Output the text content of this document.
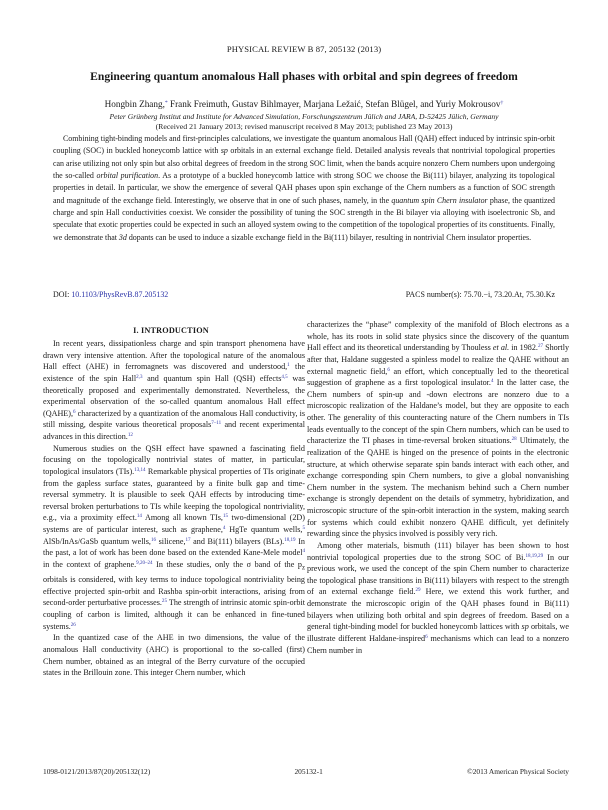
PHYSICAL REVIEW B 87, 205132 (2013)
Engineering quantum anomalous Hall phases with orbital and spin degrees of freedom
Hongbin Zhang,* Frank Freimuth, Gustav Bihlmayer, Marjana Ležaić, Stefan Blügel, and Yuriy Mokrousov†
Peter Grünberg Institut and Institute for Advanced Simulation, Forschungszentrum Jülich and JARA, D-52425 Jülich, Germany
(Received 21 January 2013; revised manuscript received 8 May 2013; published 23 May 2013)
Combining tight-binding models and first-principles calculations, we investigate the quantum anomalous Hall (QAH) effect induced by intrinsic spin-orbit coupling (SOC) in buckled honeycomb lattice with sp orbitals in an external exchange field. Detailed analysis reveals that nontrivial topological properties can arise utilizing not only spin but also orbital degrees of freedom in the strong SOC limit, when the bands acquire nonzero Chern numbers upon undergoing the so-called orbital purification. As a prototype of a buckled honeycomb lattice with strong SOC we choose the Bi(111) bilayer, analyzing its topological properties in detail. In particular, we show the emergence of several QAH phases upon spin exchange of the Chern numbers as a function of SOC strength and magnitude of the exchange field. Interestingly, we observe that in one of such phases, namely, in the quantum spin Chern insulator phase, the quantized charge and spin Hall conductivities coexist. We consider the possibility of tuning the SOC strength in the Bi bilayer via alloying with isoelectronic Sb, and speculate that exotic properties could be expected in such an alloyed system owing to the competition of the topological properties of its constituents. Finally, we demonstrate that 3d dopants can be used to induce a sizable exchange field in the Bi(111) bilayer, resulting in nontrivial Chern insulator properties.
DOI: 10.1103/PhysRevB.87.205132	PACS number(s): 75.70.−i, 73.20.At, 75.30.Kz
I. INTRODUCTION

In recent years, dissipationless charge and spin transport phenomena have drawn very intensive attention. After the topological nature of the anomalous Hall effect (AHE) in ferromagnets was discovered and understood,$^1$ the existence of the spin Hall$^{2,3}$ and quantum spin Hall (QSH) effects$^{4,5}$ was theoretically proposed and experimentally demonstrated. Nevertheless, the experimental observation of the so-called quantum anomalous Hall effect (QAHE),$^6$ characterized by a quantization of the anomalous Hall conductivity, is still missing, despite various theoretical proposals$^{7-11}$ and recent experimental advances in this direction.$^{12}$

Numerous studies on the QSH effect have spawned a fascinating field focusing on the topologically nontrivial states of matter, in particular, topological insulators (TIs).$^{13,14}$ Remarkable physical properties of TIs originate from the gapless surface states, guaranteed by a finite bulk gap and time-reversal symmetry. It is plausible to seek QAH effects by introducing time-reversal broken perturbations to TIs while keeping the topological nontriviality, e.g., via a proximity effect.$^{14}$ Among all known TIs,$^{15}$ two-dimensional (2D) systems are of particular interest, such as graphene,$^4$ HgTe quantum wells,$^5$ AlSb/InAs/GaSb quantum wells,$^{16}$ silicene,$^{17}$ and Bi(111) bilayers (BLs).$^{18,19}$ In the past, a lot of work has been done based on the extended Kane-Mele model$^4$ in the context of graphene.$^{9,20-24}$ In these studies, only the σ band of the $p_z$ orbitals is considered, with key terms to induce topological nontriviality being effective projected spin-orbit and Rashba spin-orbit interactions, arising from second-order perturbative processes.$^{25}$ The strength of intrinsic atomic spin-orbit coupling of carbon is limited, although it can be enhanced in fine-tuned systems.$^{26}$

In the quantized case of the AHE in two dimensions, the value of the anomalous Hall conductivity (AHC) is proportional to the so-called (first) Chern number, obtained as an integral of the Berry curvature of the occupied states in the Brillouin zone. This integer Chern number, which

characterizes the “phase” complexity of the manifold of Bloch electrons as a whole, has its roots in solid state physics since the discovery of the quantum Hall effect and its theoretical understanding by Thouless et al. in 1982.27 Shortly after that, Haldane suggested a spinless model to realize the QAHE without an external magnetic field,$^6$ an effort, which conceptually led to the theoretical suggestion of graphene as a first topological insulator.$^4$ In the latter case, the Chern numbers of spin-up and -down electrons are nonzero due to a microscopic realization of the Haldane’s model, but they are opposite to each other. The generality of this counteracting nature of the Chern numbers in TIs leads eventually to the concept of the spin Chern numbers, which can be used to characterize the TI phases in time-reversal broken situations.$^{28}$ Ultimately, the realization of the QAHE is hinged on the presence of points in the electronic structure, at which otherwise separate spin bands interact with each other, and exchange corresponding spin Chern numbers, to give a global nonvanishing Chern number in the system. The mechanism behind such a Chern number exchange is strongly dependent on the details of symmetry, hybridization, and microscopic structure of the spin-orbit interaction in the system, making search for systems which could exhibit nonzero QAHE difficult, yet definitely rewarding since the physics involved is possibly very rich.

Among other materials, bismuth (111) bilayer has been shown to host nontrivial topological properties due to the strong SOC of Bi.$^{18,19,29}$ In our previous work, we used the concept of the spin Chern number to characterize the topological phase transitions in Bi(111) bilayers with respect to the strength of an external exchange field.$^{29}$ Here, we extend this work further, and demonstrate the microscopic origin of the QAH phases found in Bi(111) bilayers when utilizing both orbital and spin degrees of freedom. Based on a general tight-binding model for buckled honeycomb lattices with sp orbitals, we illustrate different Haldane-inspired$^6$ mechanisms which can lead to a nonzero Chern number in

1098-0121/2013/87(20)/205132(12)	205132-1	©2013 American Physical Society
